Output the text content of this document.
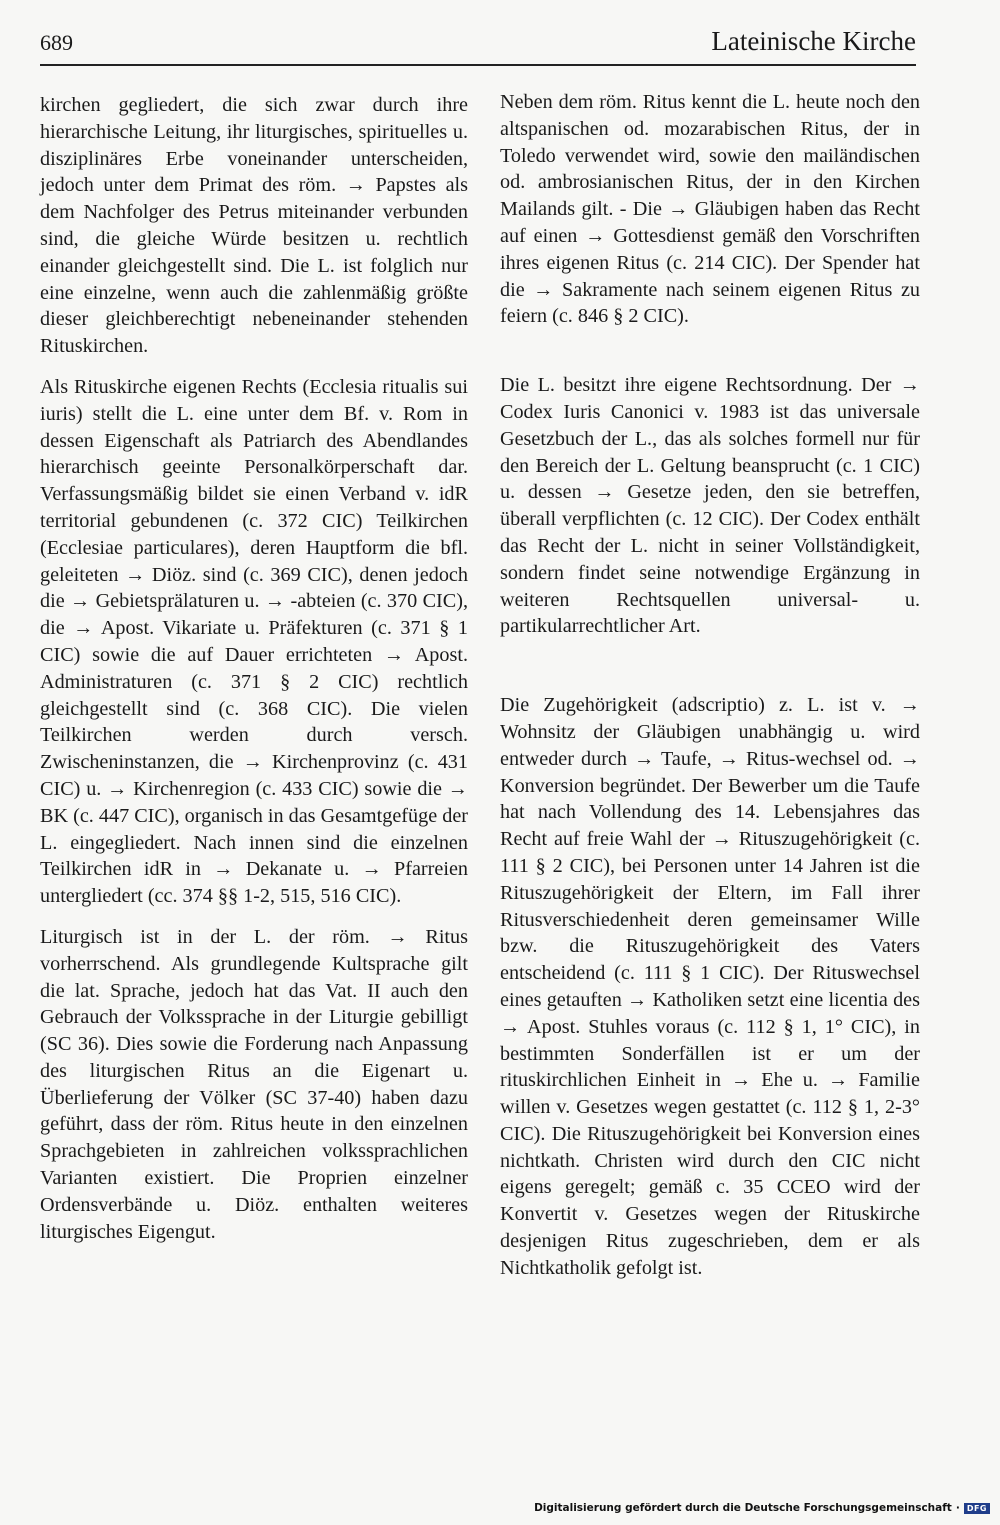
689	Lateinische Kirche

kirchen gegliedert, die sich zwar durch ihre hierarchische Leitung, ihr liturgisches, spirituelles u. disziplinäres Erbe voneinander unterscheiden, jedoch unter dem Primat des röm. → Papstes als dem Nachfolger des Petrus miteinander verbunden sind, die gleiche Würde besitzen u. rechtlich einander gleichgestellt sind. Die L. ist folglich nur eine einzelne, wenn auch die zahlenmäßig größte dieser gleichberechtigt nebeneinander stehenden Rituskirchen.

Als Rituskirche eigenen Rechts (Ecclesia ritualis sui iuris) stellt die L. eine unter dem Bf. v. Rom in dessen Eigenschaft als Patriarch des Abendlandes hierarchisch geeinte Personalkörperschaft dar. Verfassungsmäßig bildet sie einen Verband v. idR territorial gebundenen (c. 372 CIC) Teilkirchen (Ecclesiae particulares), deren Hauptform die bfl. geleiteten → Diöz. sind (c. 369 CIC), denen jedoch die → Gebietsprälaturen u. → -abteien (c. 370 CIC), die → Apost. Vikariate u. Präfekturen (c. 371 § 1 CIC) sowie die auf Dauer errichteten → Apost. Administraturen (c. 371 § 2 CIC) rechtlich gleichgestellt sind (c. 368 CIC). Die vielen Teilkirchen werden durch versch. Zwischeninstanzen, die → Kirchenprovinz (c. 431 CIC) u. → Kirchenregion (c. 433 CIC) sowie die → BK (c. 447 CIC), organisch in das Gesamtgefüge der L. eingegliedert. Nach innen sind die einzelnen Teilkirchen idR in → Dekanate u. → Pfarreien untergliedert (cc. 374 §§ 1-2, 515, 516 CIC).

Liturgisch ist in der L. der röm. → Ritus vorherrschend. Als grundlegende Kultsprache gilt die lat. Sprache, jedoch hat das Vat. II auch den Gebrauch der Volkssprache in der Liturgie gebilligt (SC 36). Dies sowie die Forderung nach Anpassung des liturgischen Ritus an die Eigenart u. Überlieferung der Völker (SC 37-40) haben dazu geführt, dass der röm. Ritus heute in den einzelnen Sprachgebieten in zahlreichen volkssprachlichen Varianten existiert. Die Proprien einzelner Ordensverbände u. Diöz. enthalten weiteres liturgisches Eigengut.

Neben dem röm. Ritus kennt die L. heute noch den altspanischen od. mozarabischen Ritus, der in Toledo verwendet wird, sowie den mailändischen od. ambrosianischen Ritus, der in den Kirchen Mailands gilt. - Die → Gläubigen haben das Recht auf einen → Gottesdienst gemäß den Vorschriften ihres eigenen Ritus (c. 214 CIC). Der Spender hat die → Sakramente nach seinem eigenen Ritus zu feiern (c. 846 § 2 CIC).

Die L. besitzt ihre eigene Rechtsordnung. Der → Codex Iuris Canonici v. 1983 ist das universale Gesetzbuch der L., das als solches formell nur für den Bereich der L. Geltung beansprucht (c. 1 CIC) u. dessen → Gesetze jeden, den sie betreffen, überall verpflichten (c. 12 CIC). Der Codex enthält das Recht der L. nicht in seiner Vollständigkeit, sondern findet seine notwendige Ergänzung in weiteren Rechtsquellen universal- u. partikularrechtlicher Art.

Die Zugehörigkeit (adscriptio) z. L. ist v. → Wohnsitz der Gläubigen unabhängig u. wird entweder durch → Taufe, → Ritus-wechsel od. → Konversion begründet. Der Bewerber um die Taufe hat nach Vollendung des 14. Lebensjahres das Recht auf freie Wahl der → Rituszugehörigkeit (c. 111 § 2 CIC), bei Personen unter 14 Jahren ist die Rituszugehörigkeit der Eltern, im Fall ihrer Ritusverschiedenheit deren gemeinsamer Wille bzw. die Rituszugehörigkeit des Vaters entscheidend (c. 111 § 1 CIC). Der Rituswechsel eines getauften → Katholiken setzt eine licentia des → Apost. Stuhles voraus (c. 112 § 1, 1° CIC), in bestimmten Sonderfällen ist er um der rituskirchlichen Einheit in → Ehe u. → Familie willen v. Gesetzes wegen gestattet (c. 112 § 1, 2-3° CIC). Die Rituszugehörigkeit bei Konversion eines nichtkath. Christen wird durch den CIC nicht eigens geregelt; gemäß c. 35 CCEO wird der Konvertit v. Gesetzes wegen der Rituskirche desjenigen Ritus zugeschrieben, dem er als Nichtkatholik gefolgt ist.

Digitalisierung gefördert durch die Deutsche Forschungsgemeinschaft · DFG
